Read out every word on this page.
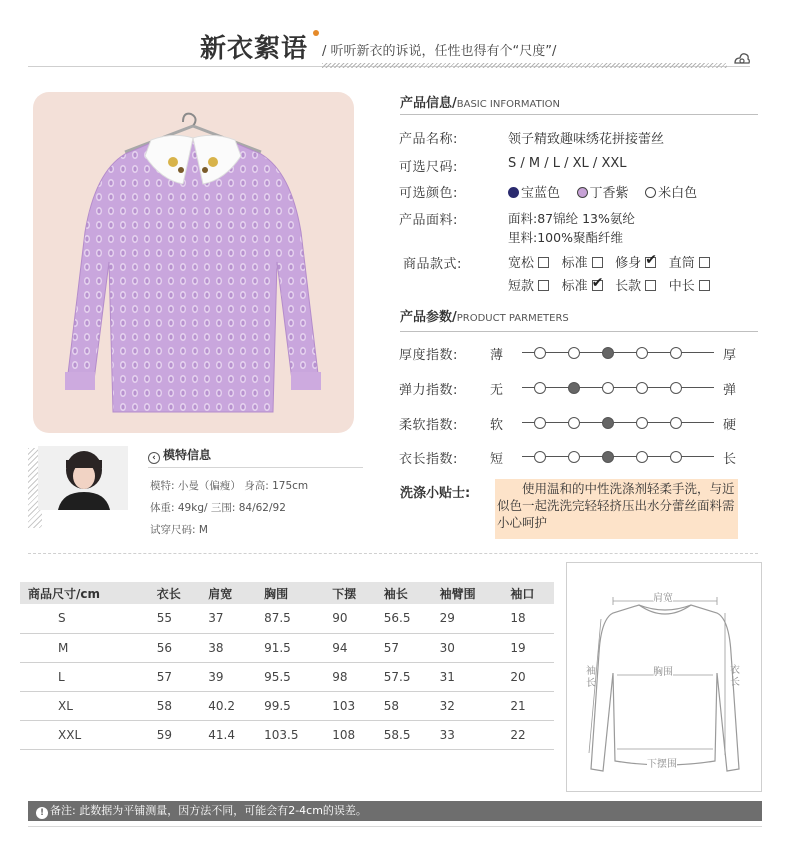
新衣絮语 / 听听新衣的诉说，任性也得有个“尺度”/
‹ 模特信息
模特: 小曼（偏瘦） 身高: 175cm
体重: 49kg/ 三围: 84/62/92
试穿尺码: M
产品信息/BASIC INFORMATION
产品名称:	领子精致趣味绣花拼接蕾丝
可选尺码:	S / M / L / XL / XXL
可选颜色:	宝蓝色 丁香紫 米白色
产品面料:	面料:87锦纶 13%氨纶
里料:100%聚酯纤维
商品款式:	宽松 标准 修身 ✔ 直筒
短款 标准 ✔ 长款 中长
产品参数/PRODUCT PARMETERS
厚度指数: 薄	厚
弹力指数: 无	弹
柔软指数: 软	硬
衣长指数: 短	长
洗涤小贴士:	使用温和的中性洗涤剂轻柔手洗，与近似色一起洗洗完轻轻挤压出水分蕾丝面料需小心呵护
商品尺寸/cm	衣长	肩宽	胸围	下摆	袖长	袖臂围	袖口
S	55	37	87.5	90	56.5	29	18
M	56	38	91.5	94	57	30	19
L	57	39	95.5	98	57.5	31	20
XL	58	40.2	99.5	103	58	32	21
XXL	59	41.4	103.5	108	58.5	33	22
肩宽
胸围
袖长
衣长
下摆围
! 备注: 此数据为平铺测量，因方法不同，可能会有2-4cm的误差。
